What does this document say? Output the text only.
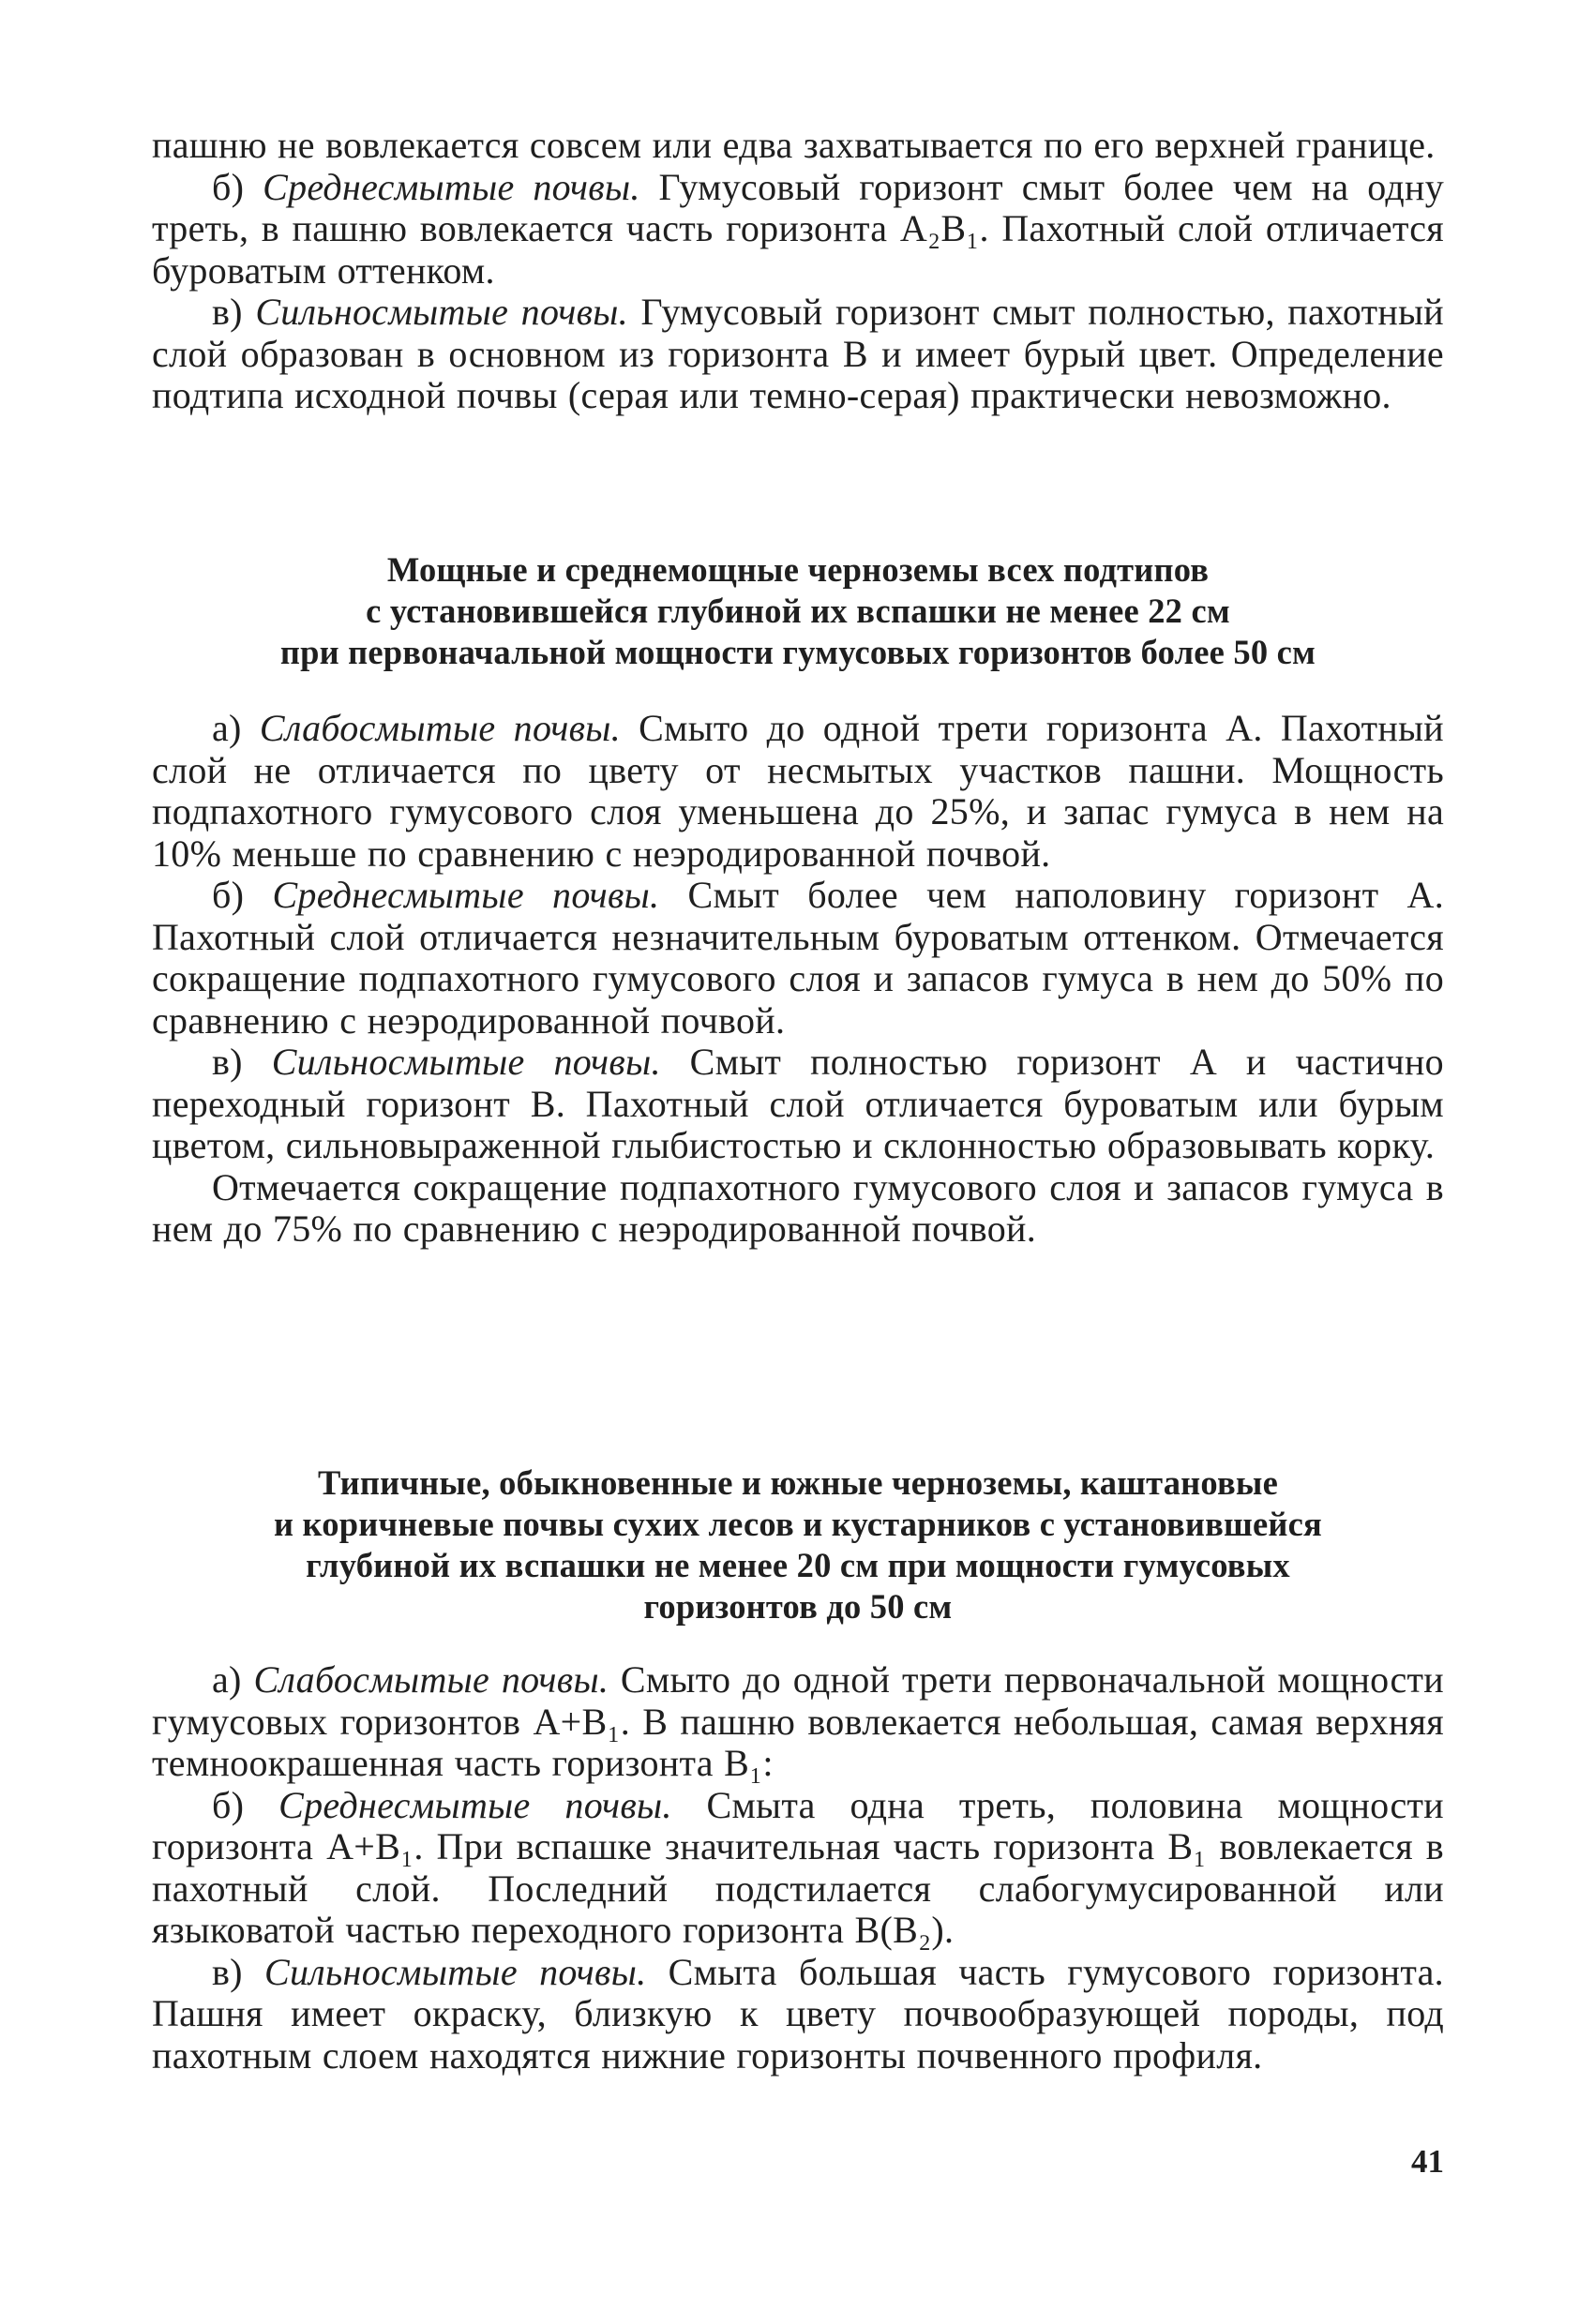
пашню не вовлекается совсем или едва захватывается по его верхней границе.

б) Среднесмытые почвы. Гумусовый горизонт смыт более чем на одну треть, в пашню вовлекается часть горизонта A₂B₁. Пахотный слой отличается буроватым оттенком.

в) Сильносмытые почвы. Гумусовый горизонт смыт полностью, пахотный слой образован в основном из горизонта В и имеет бурый цвет. Определение подтипа исходной почвы (серая или темно-серая) практически невозможно.

Мощные и среднемощные черноземы всех подтипов
с установившейся глубиной их вспашки не менее 22 см
при первоначальной мощности гумусовых горизонтов более 50 см

а) Слабосмытые почвы. Смыто до одной трети горизонта А. Пахотный слой не отличается по цвету от несмытых участков пашни. Мощность подпахотного гумусового слоя уменьшена до 25%, и запас гумуса в нем на 10% меньше по сравнению с неэродированной почвой.

б) Среднесмытые почвы. Смыт более чем наполовину горизонт А. Пахотный слой отличается незначительным буроватым оттенком. Отмечается сокращение подпахотного гумусового слоя и запасов гумуса в нем до 50% по сравнению с неэродированной почвой.

в) Сильносмытые почвы. Смыт полностью горизонт А и частично переходный горизонт В. Пахотный слой отличается буроватым или бурым цветом, сильновыраженной глыбистостью и склонностью образовывать корку.

Отмечается сокращение подпахотного гумусового слоя и запасов гумуса в нем до 75% по сравнению с неэродированной почвой.

Типичные, обыкновенные и южные черноземы, каштановые
и коричневые почвы сухих лесов и кустарников с установившейся
глубиной их вспашки не менее 20 см при мощности гумусовых
горизонтов до 50 см

а) Слабосмытые почвы. Смыто до одной трети первоначальной мощности гумусовых горизонтов А+В₁. В пашню вовлекается небольшая, самая верхняя темноокрашенная часть горизонта В₁:

б) Среднесмытые почвы. Смыта одна треть, половина мощности горизонта А+В₁. При вспашке значительная часть горизонта В₁ вовлекается в пахотный слой. Последний подстилается слабогумусированной или языковатой частью переходного горизонта В(В₂).

в) Сильносмытые почвы. Смыта большая часть гумусового горизонта. Пашня имеет окраску, близкую к цвету почвообразующей породы, под пахотным слоем находятся нижние горизонты почвенного профиля.

41
